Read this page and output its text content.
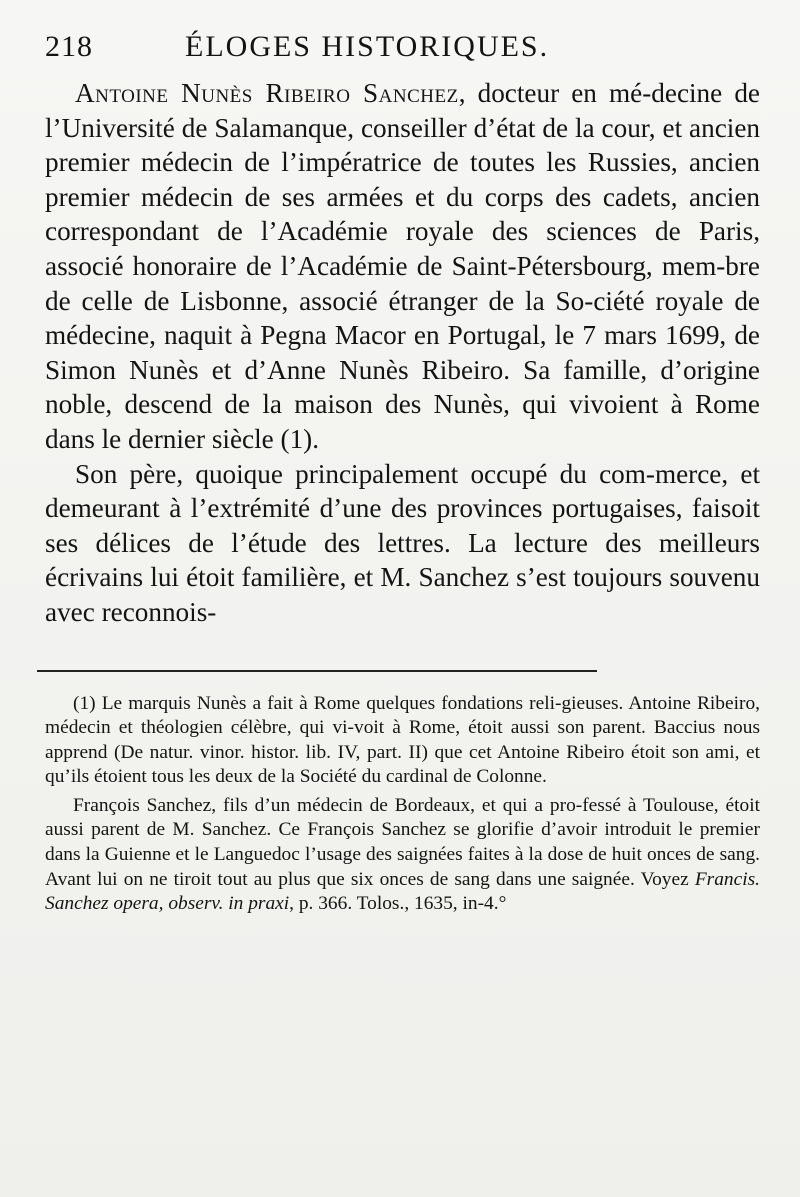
218	ÉLOGES HISTORIQUES.

Antoine Nunès Ribeiro Sanchez, docteur en mé-decine de l’Université de Salamanque, conseiller d’état de la cour, et ancien premier médecin de l’impératrice de toutes les Russies, ancien premier médecin de ses armées et du corps des cadets, ancien correspondant de l’Académie royale des sciences de Paris, associé honoraire de l’Académie de Saint-Pétersbourg, mem-bre de celle de Lisbonne, associé étranger de la So-ciété royale de médecine, naquit à Pegna Macor en Portugal, le 7 mars 1699, de Simon Nunès et d’Anne Nunès Ribeiro. Sa famille, d’origine noble, descend de la maison des Nunès, qui vivoient à Rome dans le dernier siècle (1).

Son père, quoique principalement occupé du com-merce, et demeurant à l’extrémité d’une des provinces portugaises, faisoit ses délices de l’étude des lettres. La lecture des meilleurs écrivains lui étoit familière, et M. Sanchez s’est toujours souvenu avec reconnois-

(1) Le marquis Nunès a fait à Rome quelques fondations reli-gieuses. Antoine Ribeiro, médecin et théologien célèbre, qui vi-voit à Rome, étoit aussi son parent. Baccius nous apprend (De natur. vinor. histor. lib. IV, part. II) que cet Antoine Ribeiro étoit son ami, et qu’ils étoient tous les deux de la Société du cardinal de Colonne.

François Sanchez, fils d’un médecin de Bordeaux, et qui a pro-fessé à Toulouse, étoit aussi parent de M. Sanchez. Ce François Sanchez se glorifie d’avoir introduit le premier dans la Guienne et le Languedoc l’usage des saignées faites à la dose de huit onces de sang. Avant lui on ne tiroit tout au plus que six onces de sang dans une saignée. Voyez Francis. Sanchez opera, observ. in praxi, p. 366. Tolos., 1635, in-4.°
